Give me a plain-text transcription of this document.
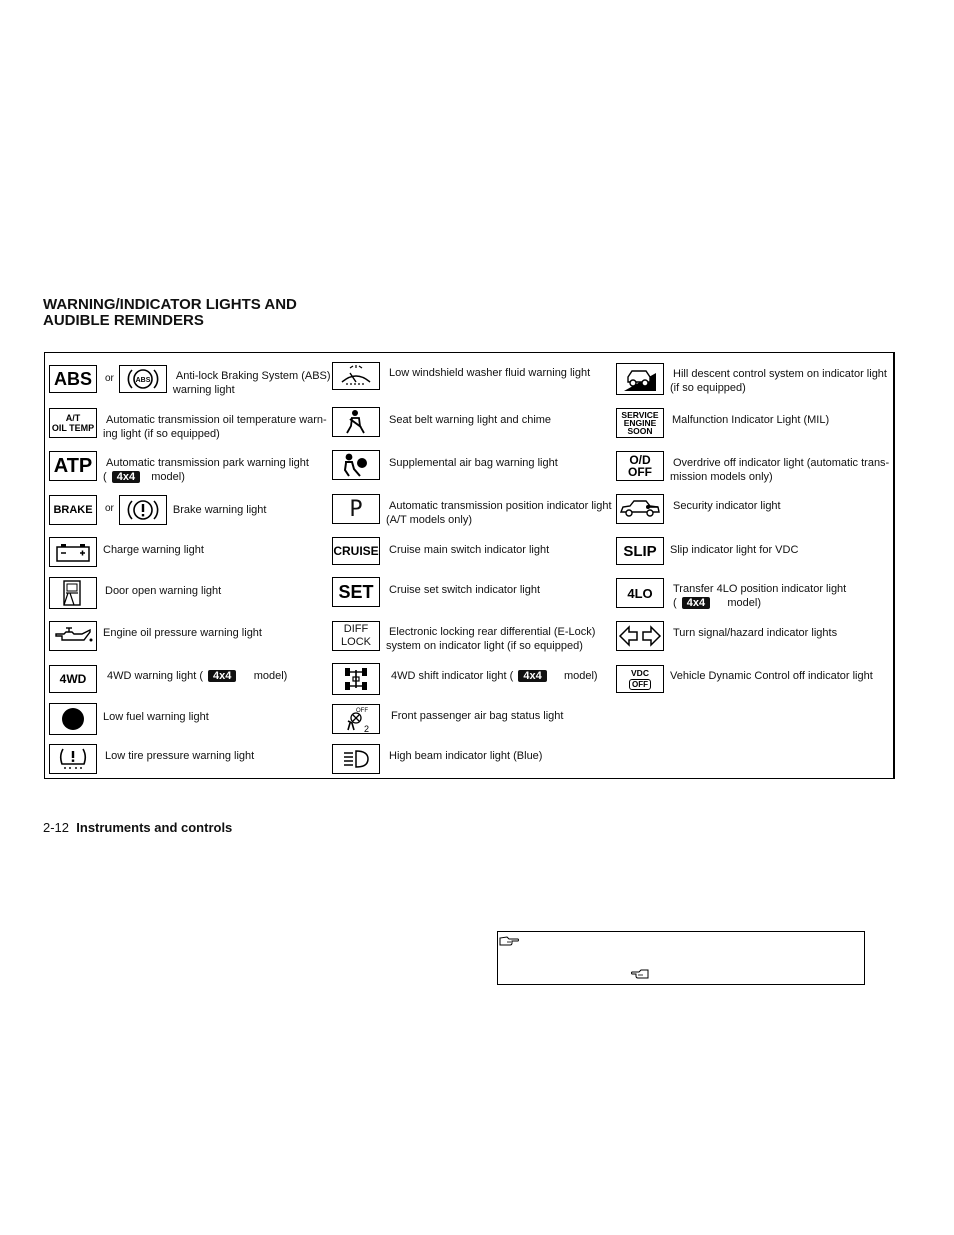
WARNING/INDICATOR LIGHTS AND
AUDIBLE REMINDERS
ABS or	ABS Anti-lock Braking System (ABS)
warning light
A/T
OIL TEMP
Automatic transmission oil temperature warn-
ing light (if so equipped)
ATP Automatic transmission park warning light
( 4x4 model)
BRAKE or	Brake warning light
Charge warning light
Door open warning light
Engine oil pressure warning light
4WD 4WD warning light ( 4x4 model)
Low fuel warning light
Low tire pressure warning light
Low windshield washer fluid warning light
Seat belt warning light and chime
Supplemental air bag warning light
P Automatic transmission position indicator light
(A/T models only)
CRUISE Cruise main switch indicator light
SET Cruise set switch indicator light
DIFF
LOCK
Electronic locking rear differential (E-Lock)
system on indicator light (if so equipped)
4WD shift indicator light ( 4x4 model)
OFF
2
Front passenger air bag status light
High beam indicator light (Blue)
Hill descent control system on indicator light
(if so equipped)
SERVICE
ENGINE
SOON
Malfunction Indicator Light (MIL)
O/D
OFF
Overdrive off indicator light (automatic trans-
mission models only)
Security indicator light
SLIP Slip indicator light for VDC
4LO Transfer 4LO position indicator light
( 4x4 model)
Turn signal/hazard indicator lights
VDC
OFF
Vehicle Dynamic Control off indicator light
2-12 Instruments and controls
